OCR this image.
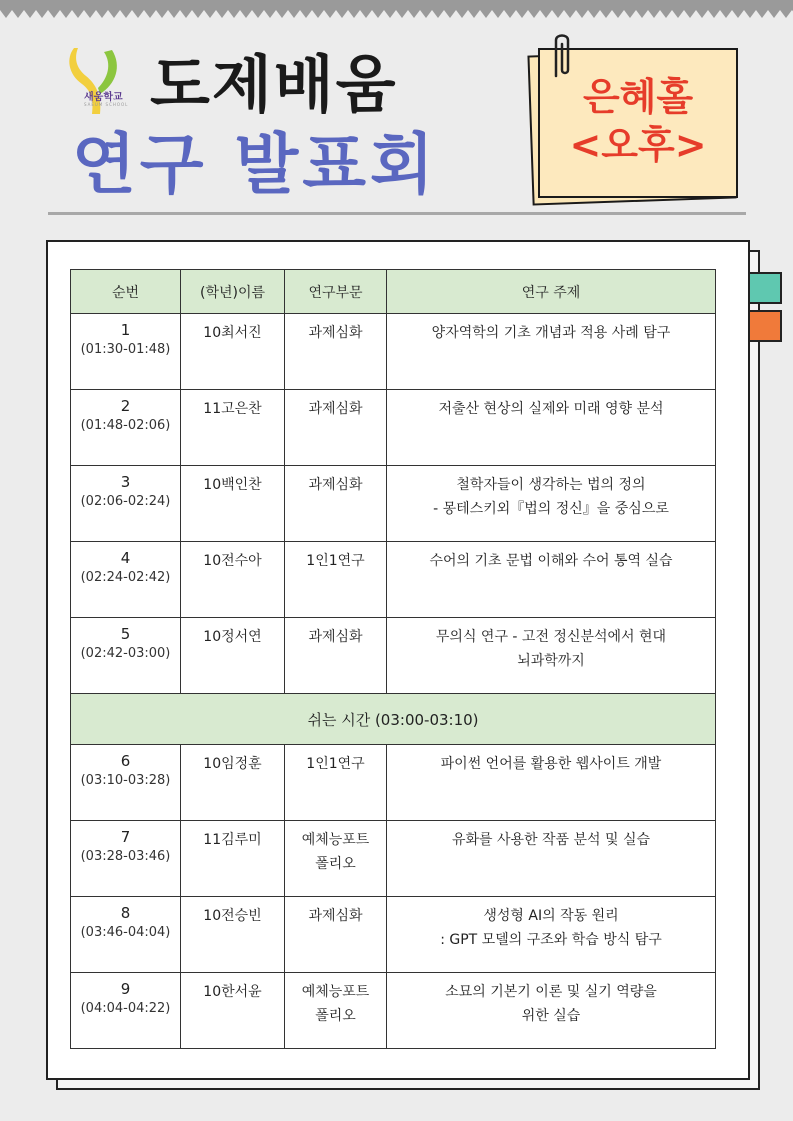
새움학교
SAEUM SCHOOL 도제배움
연구 발표회
은혜홀
<오후>
순번	(학년)이름	연구부문	연구 주제

1
(01:30-01:48)	10최서진	과제심화	양자역학의 기초 개념과 적용 사례 탐구

2
(01:48-02:06)	11고은찬	과제심화	저출산 현상의 실제와 미래 영향 분석

3
(02:06-02:24)	10백인찬	과제심화	철학자들이 생각하는 법의 정의
- 몽테스키외『법의 정신』을 중심으로

4
(02:24-02:42)	10전수아	1인1연구	수어의 기초 문법 이해와 수어 통역 실습

5
(02:42-03:00)	10정서연	과제심화	무의식 연구 - 고전 정신분석에서 현대
뇌과학까지

쉬는 시간 (03:00-03:10)			

6
(03:10-03:28)	10임정훈	1인1연구	파이썬 언어를 활용한 웹사이트 개발

7
(03:28-03:46)	11김루미	예체능포트
폴리오	유화를 사용한 작품 분석 및 실습

8
(03:46-04:04)	10전승빈	과제심화	생성형 AI의 작동 원리
: GPT 모델의 구조와 학습 방식 탐구

9
(04:04-04:22)	10한서윤	예체능포트
폴리오	소묘의 기본기 이론 및 실기 역량을
위한 실습
